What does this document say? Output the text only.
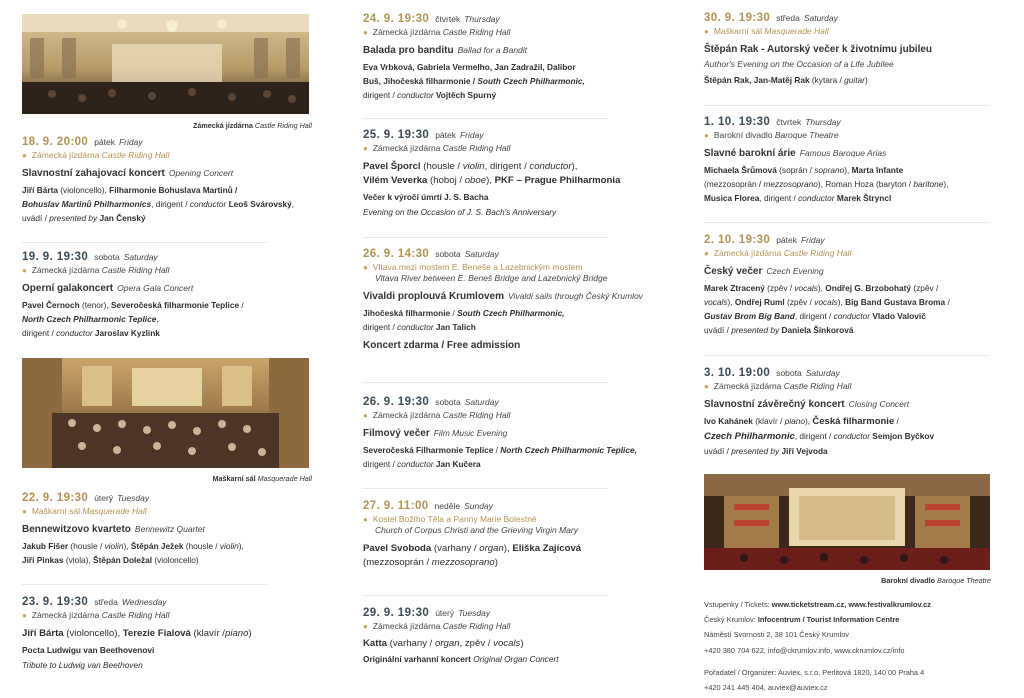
Zámecká jízdárna Castle Riding Hall
18. 9. 20:00 pátek Friday
● Zámecká jízdárna Castle Riding Hall
Slavnostní zahajovací koncert Opening Concert
Jiří Bárta (violoncello), Filharmonie Bohuslava Martinů /
Bohuslav Martinů Philharmonics, dirigent / conductor Leoš Svárovský,
uvádí / presented by Jan Čenský
19. 9. 19:30 sobota Saturday
● Zámecká jízdárna Castle Riding Hall
Operní galakoncert Opera Gala Concert
Pavel Černoch (tenor), Severočeská filharmonie Teplice /
North Czech Philharmonic Teplice,
dirigent / conductor Jaroslav Kyzlink
Maškarní sál Masquerade Hall
22. 9. 19:30 úterý Tuesday
● Maškarní sál Masquerade Hall
Bennewitzovo kvarteto Bennewitz Quartet
Jakub Fišer (housle / violin), Štěpán Ježek (housle / violin),
Jiří Pinkas (viola), Štěpán Doležal (violoncello)
23. 9. 19:30 středa Wednesday
● Zámecká jízdárna Castle Riding Hall
Jiří Bárta (violoncello), Terezie Fialová (klavír /piano)
Pocta Ludwigu van Beethovenovi
Tribute to Ludwig van Beethoven
24. 9. 19:30 čtvrtek Thursday
● Zámecká jízdárna Castle Riding Hall
Balada pro banditu Ballad for a Bandit
Eva Vrbková, Gabriela Vermelho, Jan Zadražil, Dalibor
Buš, Jihočeská filharmonie / South Czech Philharmonic,
dirigent / conductor Vojtěch Spurný
25. 9. 19:30 pátek Friday
● Zámecká jízdárna Castle Riding Hall
Pavel Šporcl (housle / violin, dirigent / conductor),
Vilém Veverka (hoboj / oboe), PKF – Prague Philharmonia
Večer k výročí úmrtí J. S. Bacha
Evening on the Occasion of J. S. Bach's Anniversary
26. 9. 14:30 sobota Saturday
● Vltava mezi mostem E. Beneše a Lazebnickým mostem
Vltava River between E. Beneš Bridge and Lazebnický Bridge
Vivaldi proplouvá Krumlovem Vivaldi sails through Český Krumlov
Jihočeská filharmonie / South Czech Philharmonic,
dirigent / conductor Jan Talich
Koncert zdarma / Free admission
26. 9. 19:30 sobota Saturday
● Zámecká jízdárna Castle Riding Hall
Filmový večer Film Music Evening
Severočeská Filharmonie Teplice / North Czech Philharmonic Teplice,
dirigent / conductor Jan Kučera
27. 9. 11:00 neděle Sunday
● Kostel Božího Těla a Panny Marie Bolestné
Church of Corpus Christi and the Grieving Virgin Mary
Pavel Svoboda (varhany / organ), Eliška Zajícová
(mezzosoprán / mezzosoprano)
29. 9. 19:30 úterý Tuesday
● Zámecká jízdárna Castle Riding Hall
Katta (varhany / organ, zpěv / vocals)
Originální varhanní koncert Original Organ Concert
30. 9. 19:30 středa Saturday
● Maškarní sál Masquerade Hall
Štěpán Rak - Autorský večer k životnímu jubileu
Author's Evening on the Occasion of a Life Jubilee
Štěpán Rak, Jan-Matěj Rak (kytara / guitar)
1. 10. 19:30 čtvrtek Thursday
● Barokní divadlo Baroque Theatre
Slavné barokní árie Famous Baroque Arias
Michaela Šrůmová (soprán / soprano), Marta Infante
(mezzosoprán / mezzosoprano), Roman Hoza (baryton / baritone),
Musica Florea, dirigent / conductor Marek Štryncl
2. 10. 19:30 pátek Friday
● Zámecká jízdárna Castle Riding Hall
Český večer Czech Evening
Marek Ztracený (zpěv / vocals), Ondřej G. Brzobohatý (zpěv /
vocals), Ondřej Ruml (zpěv / vocals), Big Band Gustava Broma /
Gustav Brom Big Band, dirigent / conductor Vlado Valovič
uvádí / presented by Daniela Šinkorová
3. 10. 19:00 sobota Saturday
● Zámecká jízdárna Castle Riding Hall
Slavnostní závěrečný koncert Closing Concert
Ivo Kahánek (klavír / piano), Česká filharmonie /
Czech Philharmonic, dirigent / conductor Semjon Byčkov
uvádí / presented by Jiří Vejvoda
Barokní divadlo Baroque Theatre
Vstupenky / Tickets: www.ticketstream.cz, www.festivalkrumlov.cz
Český Krumlov: Infocentrum / Tourist Information Centre
Náměstí Svornosti 2, 38 101 Český Krumlov
+420 380 704 622, info@ckrumlov.info, www.ckrumlov.cz/info
Pořadatel / Organizer: Auviex, s.r.o. Perlitová 1820, 140 00 Praha 4
+420 241 445 404, auviex@auviex.cz
